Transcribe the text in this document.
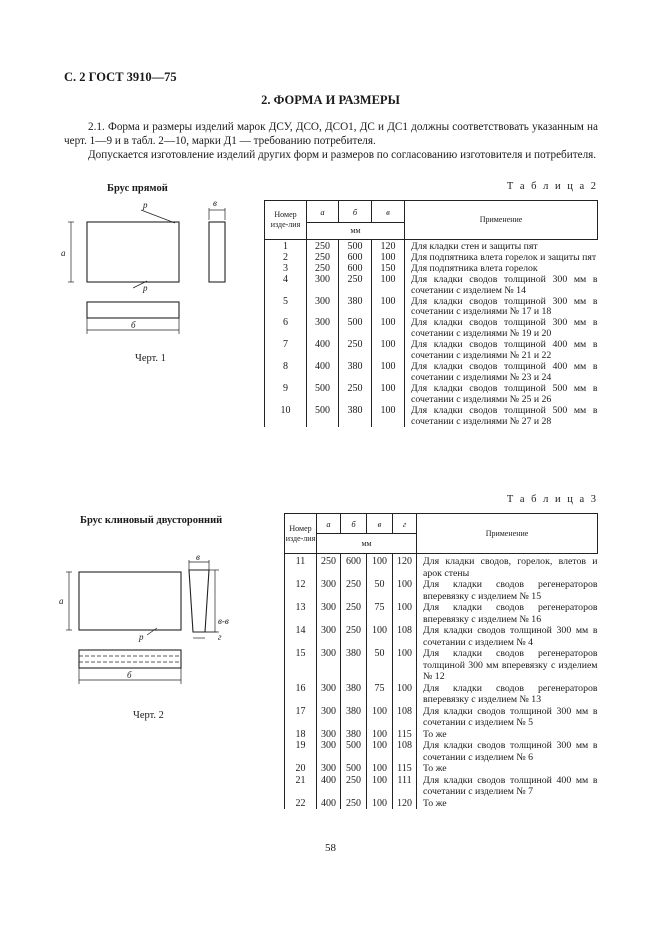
С. 2 ГОСТ 3910—75
2. ФОРМА И РАЗМЕРЫ
2.1. Форма и размеры изделий марок ДСУ, ДСО, ДСО1, ДС и ДС1 должны соответствовать указанным на черт. 1—9 и в табл. 2—10, марки Д1 — требованию потребителя.
Допускается изготовление изделий других форм и размеров по согласованию изготовителя и потребителя.
Брус прямой
а
р
р
б
в
Черт. 1
Т а б л и ц а 2
Номер изде-лия	а	б	в	Применение
	мм			
1	250	500	120	Для кладки стен и защиты пят
2	250	600	100	Для подпятника влета горелок и защиты пят
3	250	600	150	Для подпятника влета горелок
4	300	250	100	Для кладки сводов толщиной 300 мм в сочетании с изделием № 14
5	300	380	100	Для кладки сводов толщиной 300 мм в сочетании с изделиями № 17 и 18
6	300	500	100	Для кладки сводов толщиной 300 мм в сочетании с изделиями № 19 и 20
7	400	250	100	Для кладки сводов толщиной 400 мм в сочетании с изделиями № 21 и 22
8	400	380	100	Для кладки сводов толщиной 400 мм в сочетании с изделиями № 23 и 24
9	500	250	100	Для кладки сводов толщиной 500 мм в сочетании с изделиями № 25 и 26
10	500	380	100	Для кладки сводов толщиной 500 мм в сочетании с изделиями № 27 и 28
Брус клиновый двусторонний
а
р
б
в
в-в
г
Черт. 2
Т а б л и ц а 3
Номер изде-лия	а	б	в	г	Применение
	мм				
11	250	600	100	120	Для кладки сводов, горелок, влетов и арок стены
12	300	250	50	100	Для кладки сводов регенераторов вперевязку с изделием № 15
13	300	250	75	100	Для кладки сводов регенераторов вперевязку с изделием № 16
14	300	250	100	108	Для кладки сводов толщиной 300 мм в сочетании с изделием № 4
15	300	380	50	100	Для кладки сводов регенераторов толщиной 300 мм вперевязку с изделием № 12
16	300	380	75	100	Для кладки сводов регенераторов вперевязку с изделием № 13
17	300	380	100	108	Для кладки сводов толщиной 300 мм в сочетании с изделием № 5
18	300	380	100	115	То же
19	300	500	100	108	Для кладки сводов толщиной 300 мм в сочетании с изделием № 6
20	300	500	100	115	То же
21	400	250	100	111	Для кладки сводов толщиной 400 мм в сочетании с изделием № 7
22	400	250	100	120	То же
58
